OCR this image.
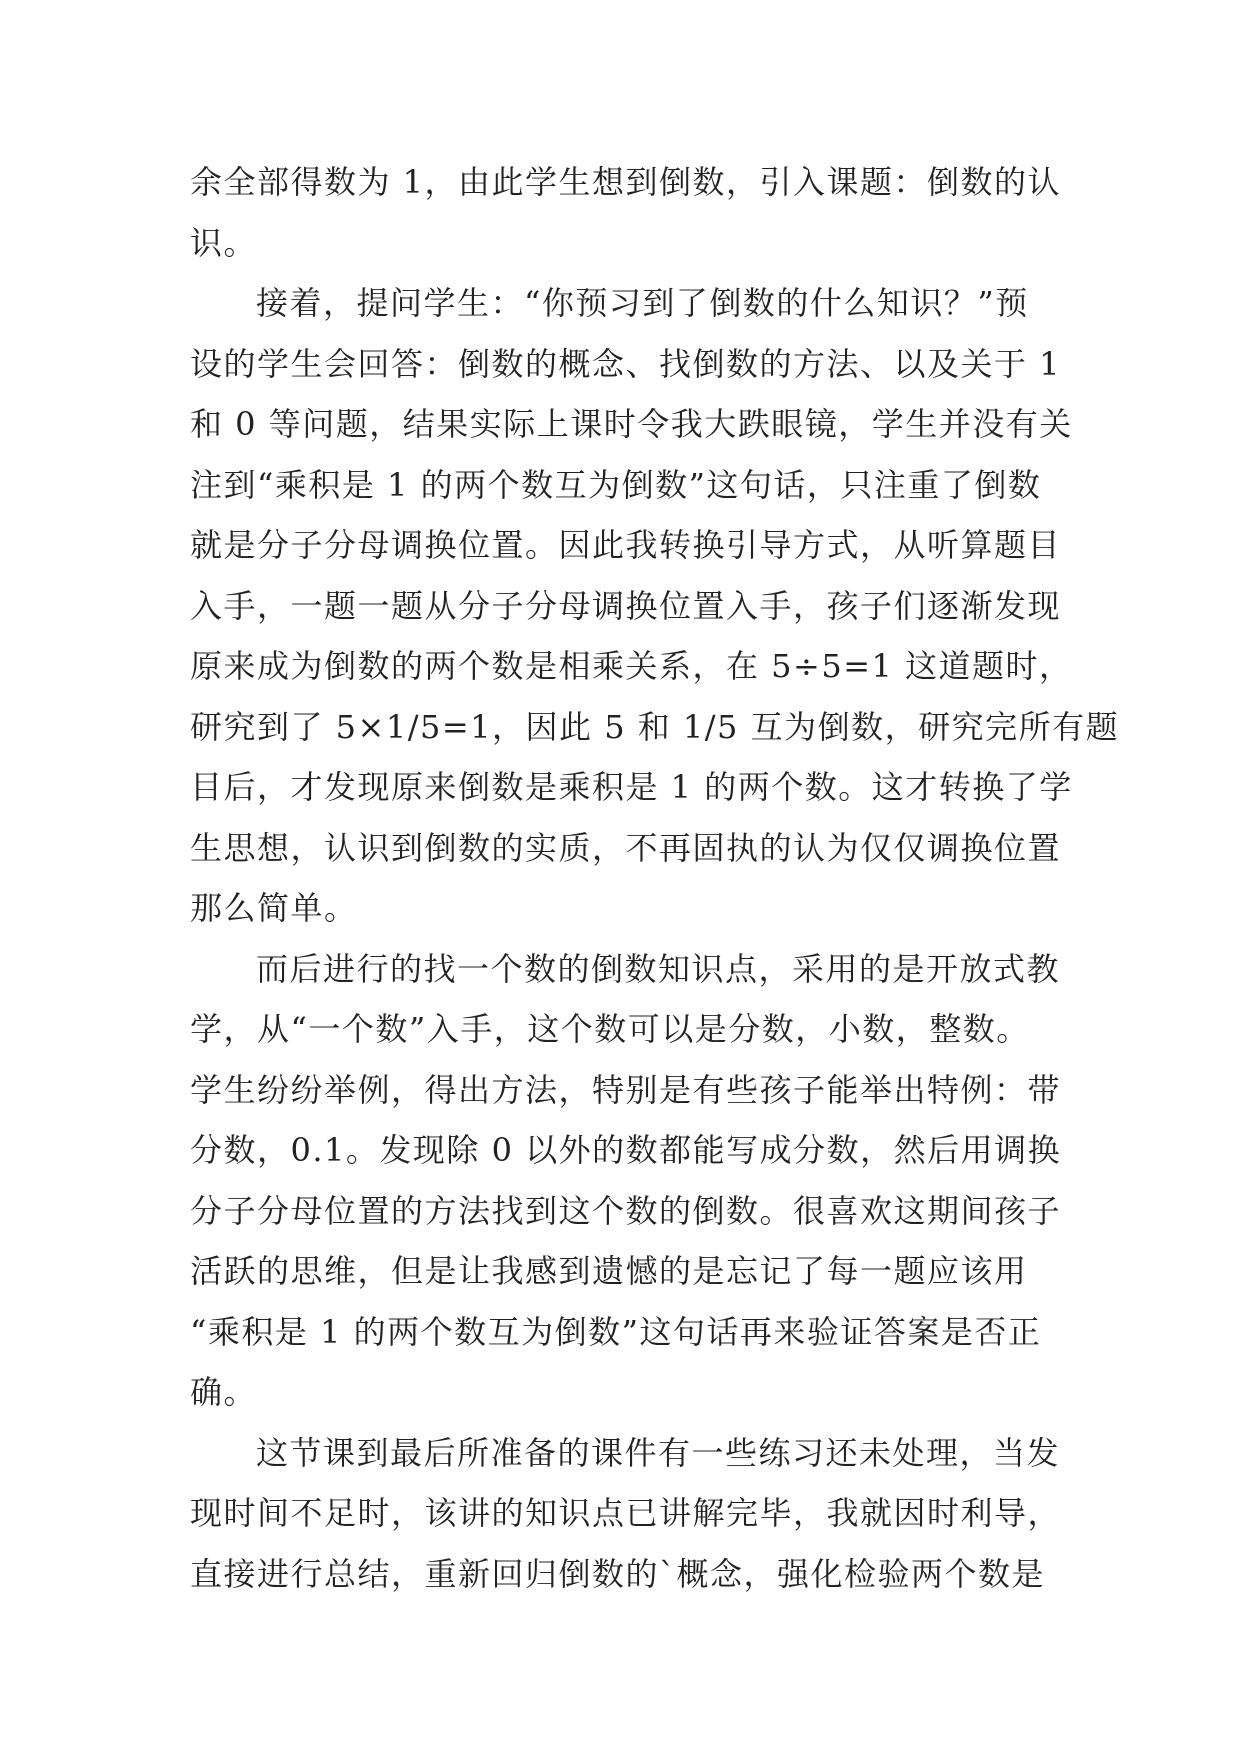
余全部得数为 1，由此学生想到倒数，引入课题：倒数的认
识。
接着，提问学生：“你预习到了倒数的什么知识？”预
设的学生会回答：倒数的概念、找倒数的方法、以及关于 1
和 0 等问题，结果实际上课时令我大跌眼镜，学生并没有关
注到“乘积是 1 的两个数互为倒数”这句话，只注重了倒数
就是分子分母调换位置。因此我转换引导方式，从听算题目
入手，一题一题从分子分母调换位置入手，孩子们逐渐发现
原来成为倒数的两个数是相乘关系，在 5÷5=1 这道题时，
研究到了 5×1/5=1，因此 5 和 1/5 互为倒数，研究完所有题
目后，才发现原来倒数是乘积是 1 的两个数。这才转换了学
生思想，认识到倒数的实质，不再固执的认为仅仅调换位置
那么简单。
而后进行的找一个数的倒数知识点，采用的是开放式教
学，从“一个数”入手，这个数可以是分数，小数，整数。
学生纷纷举例，得出方法，特别是有些孩子能举出特例：带
分数，0.1。发现除 0 以外的数都能写成分数，然后用调换
分子分母位置的方法找到这个数的倒数。很喜欢这期间孩子
活跃的思维，但是让我感到遗憾的是忘记了每一题应该用
“乘积是 1 的两个数互为倒数”这句话再来验证答案是否正
确。
这节课到最后所准备的课件有一些练习还未处理，当发
现时间不足时，该讲的知识点已讲解完毕，我就因时利导，
直接进行总结，重新回归倒数的`概念，强化检验两个数是
